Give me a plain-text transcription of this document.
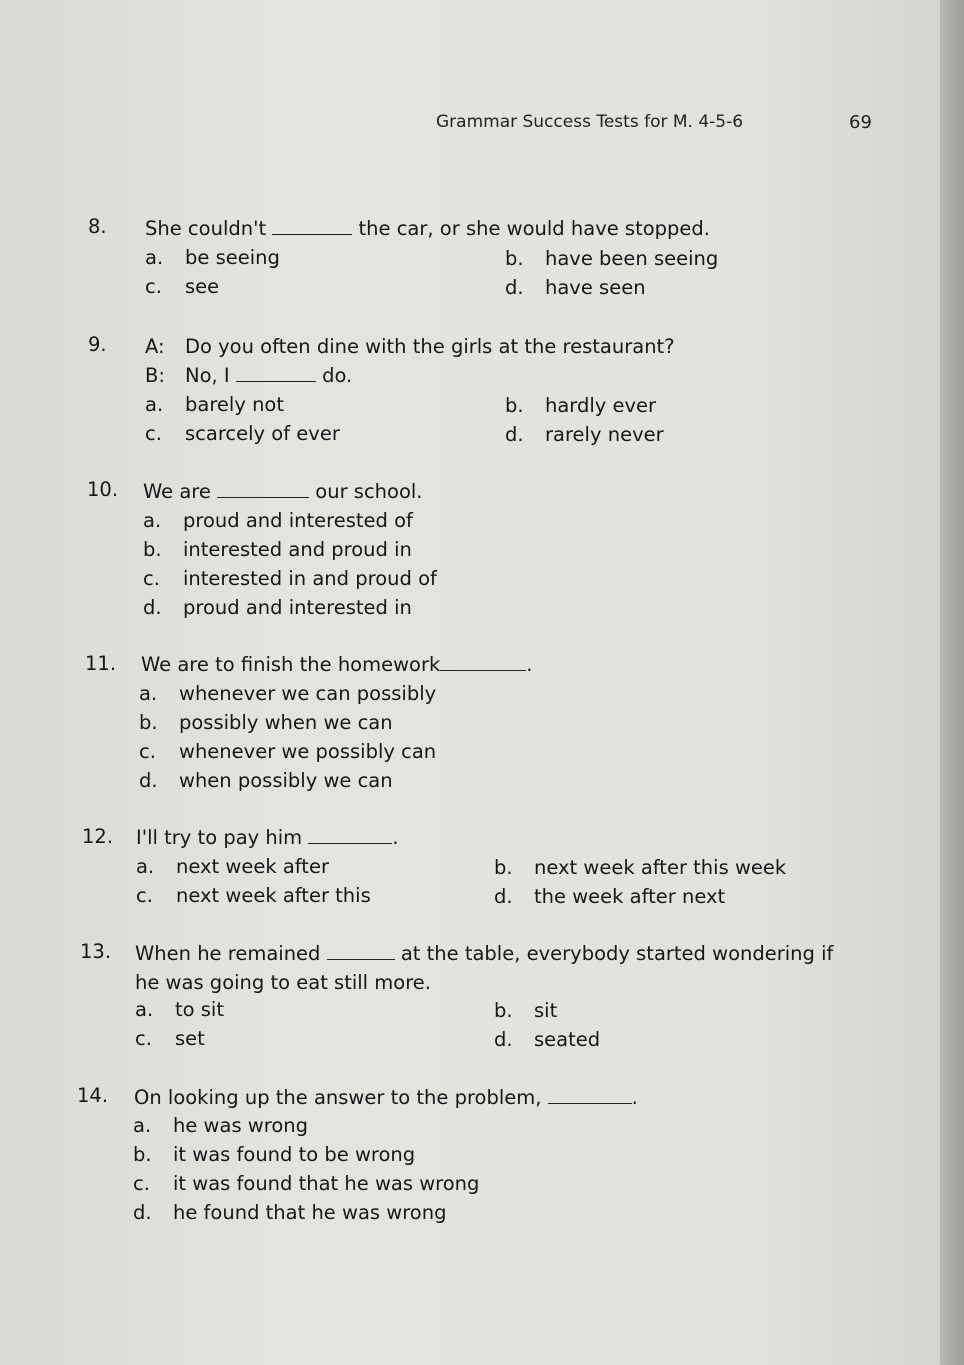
Grammar Success Tests for M. 4-5-6	69
8. She couldn't	the car, or she would have stopped.
a. be seeing	b. have been seeing
c. see	d. have seen
9. A: Do you often dine with the girls at the restaurant?
B: No, I	do.
a. barely not	b. hardly ever
c. scarcely of ever	d. rarely never
10. We are	our school.
a. proud and interested of
b. interested and proud in
c. interested in and proud of
d. proud and interested in
11. We are to finish the homework	.
a. whenever we can possibly
b. possibly when we can
c. whenever we possibly can
d. when possibly we can
12. I'll try to pay him	.
a. next week after	b. next week after this week
c. next week after this	d. the week after next
13. When he remained	at the table, everybody started wondering if
he was going to eat still more.
a. to sit	b. sit
c. set	d. seated
14. On looking up the answer to the problem,	.
a. he was wrong
b. it was found to be wrong
c. it was found that he was wrong
d. he found that he was wrong
